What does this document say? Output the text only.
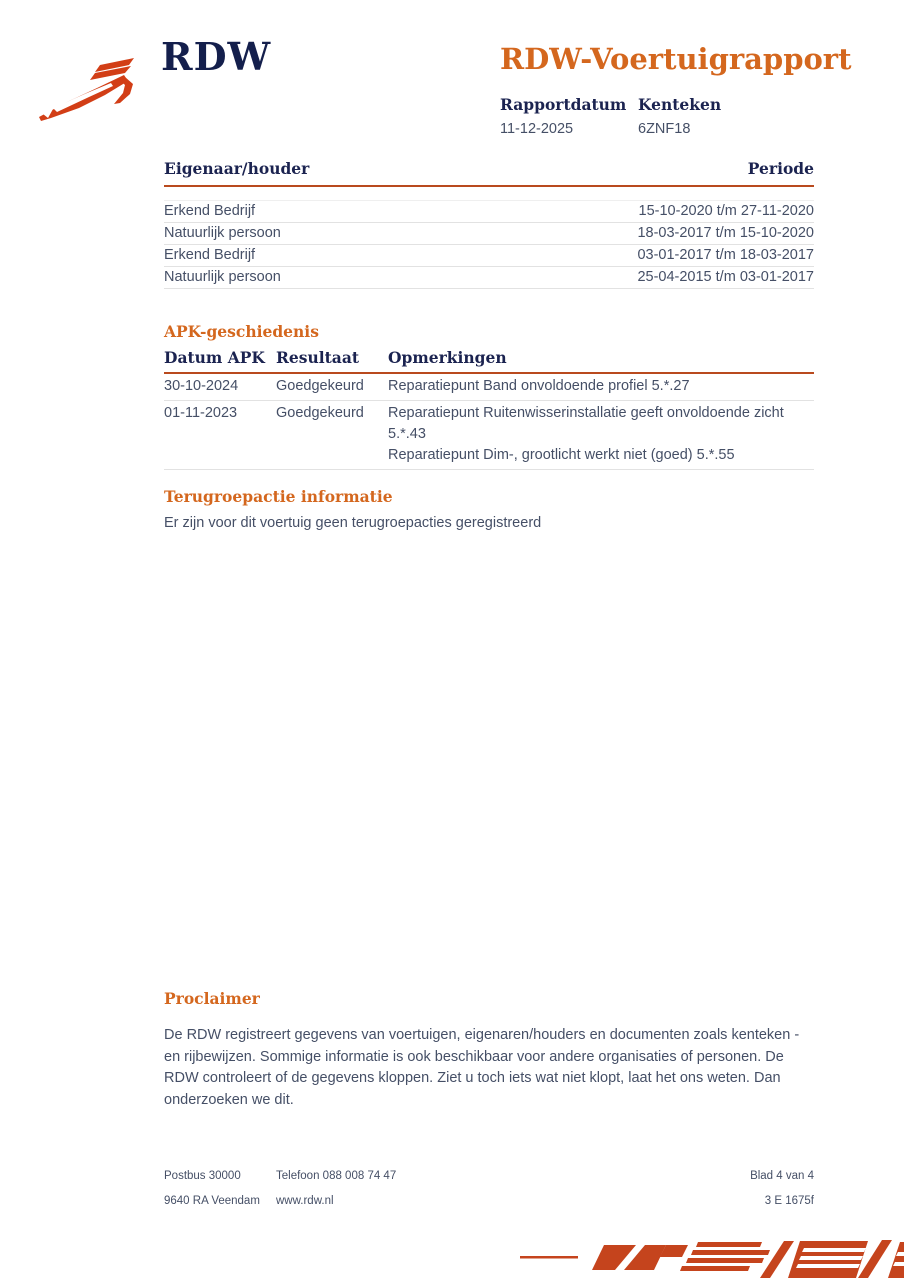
RDW	RDW-Voertuigrapport
Rapportdatum
11-12-2025
Kenteken
6ZNF18
Eigenaar/houder	Periode
Erkend Bedrijf	15-10-2020 t/m 27-11-2020
Natuurlijk persoon	18-03-2017 t/m 15-10-2020
Erkend Bedrijf	03-01-2017 t/m 18-03-2017
Natuurlijk persoon	25-04-2015 t/m 03-01-2017
APK-geschiedenis
Datum APK Resultaat	Opmerkingen
30-10-2024	Goedgekeurd	Reparatiepunt Band onvoldoende profiel 5.*.27
01-11-2023	Goedgekeurd	Reparatiepunt Ruitenwisserinstallatie geeft onvoldoende zicht 5.*.43
Reparatiepunt Dim-, grootlicht werkt niet (goed) 5.*.55
Terugroepactie informatie
Er zijn voor dit voertuig geen terugroepacties geregistreerd
Proclaimer
De RDW registreert gegevens van voertuigen, eigenaren/houders en documenten zoals kenteken - en rijbewijzen. Sommige informatie is ook beschikbaar voor andere organisaties of personen. De RDW controleert of de gegevens kloppen. Ziet u toch iets wat niet klopt, laat het ons weten. Dan onderzoeken we dit.
Postbus 30000	Telefoon 088 008 74 47	Blad 4 van 4
9640 RA Veendam	www.rdw.nl	3 E 1675f
